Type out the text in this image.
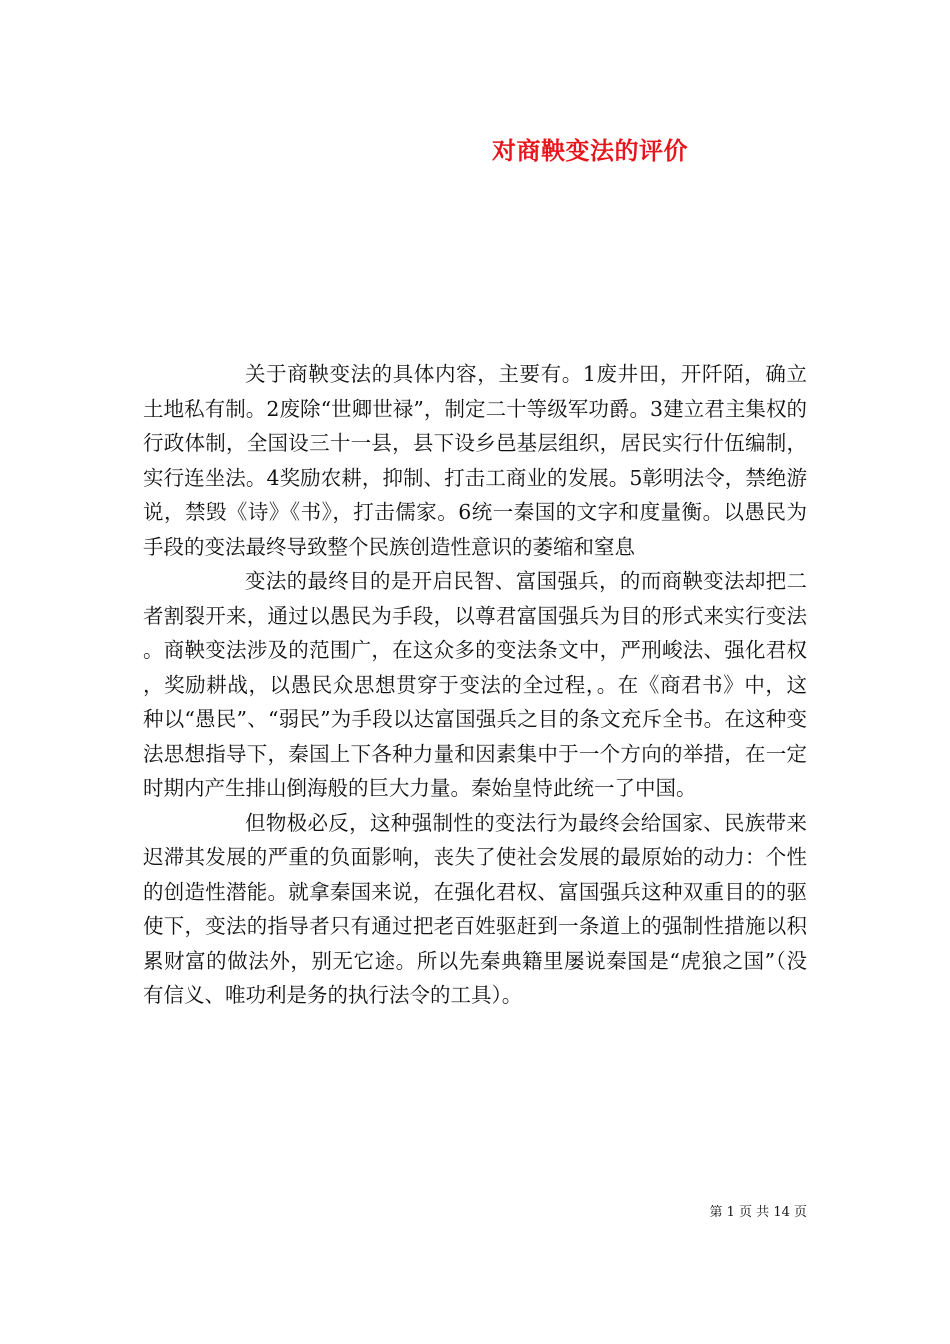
对商鞅变法的评价

关于商鞅变法的具体内容，主要有。1废井田，开阡陌，确立土地私有制。2废除“世卿世禄”，制定二十等级军功爵。3建立君主集权的行政体制，全国设三十一县，县下设乡邑基层组织，居民实行什伍编制，实行连坐法。4奖励农耕，抑制、打击工商业的发展。5彰明法令，禁绝游说，禁毁《诗》《书》，打击儒家。6统一秦国的文字和度量衡。以愚民为手段的变法最终导致整个民族创造性意识的萎缩和窒息

变法的最终目的是开启民智、富国强兵，的而商鞅变法却把二者割裂开来，通过以愚民为手段，以尊君富国强兵为目的形式来实行变法。商鞅变法涉及的范围广，在这众多的变法条文中，严刑峻法、强化君权，奖励耕战，以愚民众思想贯穿于变法的全过程，。在《商君书》中，这种以“愚民”、“弱民”为手段以达富国强兵之目的条文充斥全书。在这种变法思想指导下，秦国上下各种力量和因素集中于一个方向的举措，在一定时期内产生排山倒海般的巨大力量。秦始皇恃此统一了中国。

但物极必反，这种强制性的变法行为最终会给国家、民族带来迟滞其发展的严重的负面影响，丧失了使社会发展的最原始的动力：个性的创造性潜能。就拿秦国来说，在强化君权、富国强兵这种双重目的的驱使下，变法的指导者只有通过把老百姓驱赶到一条道上的强制性措施以积累财富的做法外，别无它途。所以先秦典籍里屡说秦国是“虎狼之国”（没有信义、唯功利是务的执行法令的工具）。

第 1 页 共 14 页
